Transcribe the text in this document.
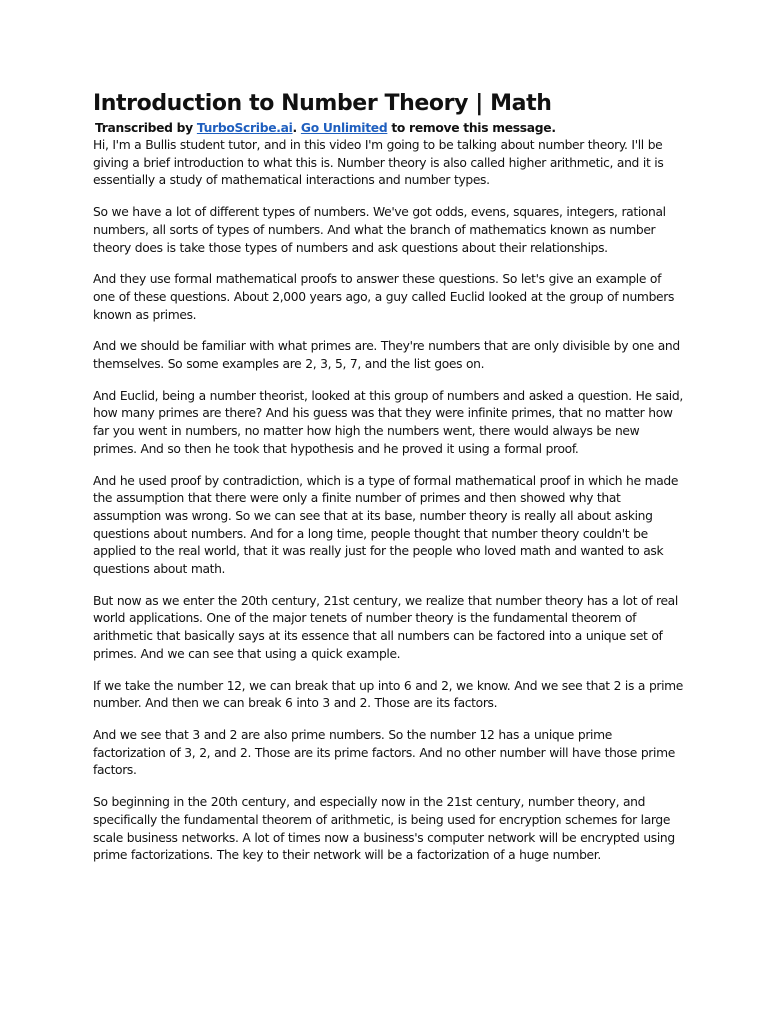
Introduction to Number Theory | Math
Transcribed by TurboScribe.ai. Go Unlimited to remove this message.

Hi, I'm a Bullis student tutor, and in this video I'm going to be talking about number theory. I'll be giving a brief introduction to what this is. Number theory is also called higher arithmetic, and it is essentially a study of mathematical interactions and number types.

So we have a lot of different types of numbers. We've got odds, evens, squares, integers, rational numbers, all sorts of types of numbers. And what the branch of mathematics known as number theory does is take those types of numbers and ask questions about their relationships.

And they use formal mathematical proofs to answer these questions. So let's give an example of one of these questions. About 2,000 years ago, a guy called Euclid looked at the group of numbers known as primes.

And we should be familiar with what primes are. They're numbers that are only divisible by one and themselves. So some examples are 2, 3, 5, 7, and the list goes on.

And Euclid, being a number theorist, looked at this group of numbers and asked a question. He said, how many primes are there? And his guess was that they were infinite primes, that no matter how far you went in numbers, no matter how high the numbers went, there would always be new primes. And so then he took that hypothesis and he proved it using a formal proof.

And he used proof by contradiction, which is a type of formal mathematical proof in which he made the assumption that there were only a finite number of primes and then showed why that assumption was wrong. So we can see that at its base, number theory is really all about asking questions about numbers. And for a long time, people thought that number theory couldn't be applied to the real world, that it was really just for the people who loved math and wanted to ask questions about math.

But now as we enter the 20th century, 21st century, we realize that number theory has a lot of real world applications. One of the major tenets of number theory is the fundamental theorem of arithmetic that basically says at its essence that all numbers can be factored into a unique set of primes. And we can see that using a quick example.

If we take the number 12, we can break that up into 6 and 2, we know. And we see that 2 is a prime number. And then we can break 6 into 3 and 2. Those are its factors.

And we see that 3 and 2 are also prime numbers. So the number 12 has a unique prime factorization of 3, 2, and 2. Those are its prime factors. And no other number will have those prime factors.

So beginning in the 20th century, and especially now in the 21st century, number theory, and specifically the fundamental theorem of arithmetic, is being used for encryption schemes for large scale business networks. A lot of times now a business's computer network will be encrypted using prime factorizations. The key to their network will be a factorization of a huge number.
